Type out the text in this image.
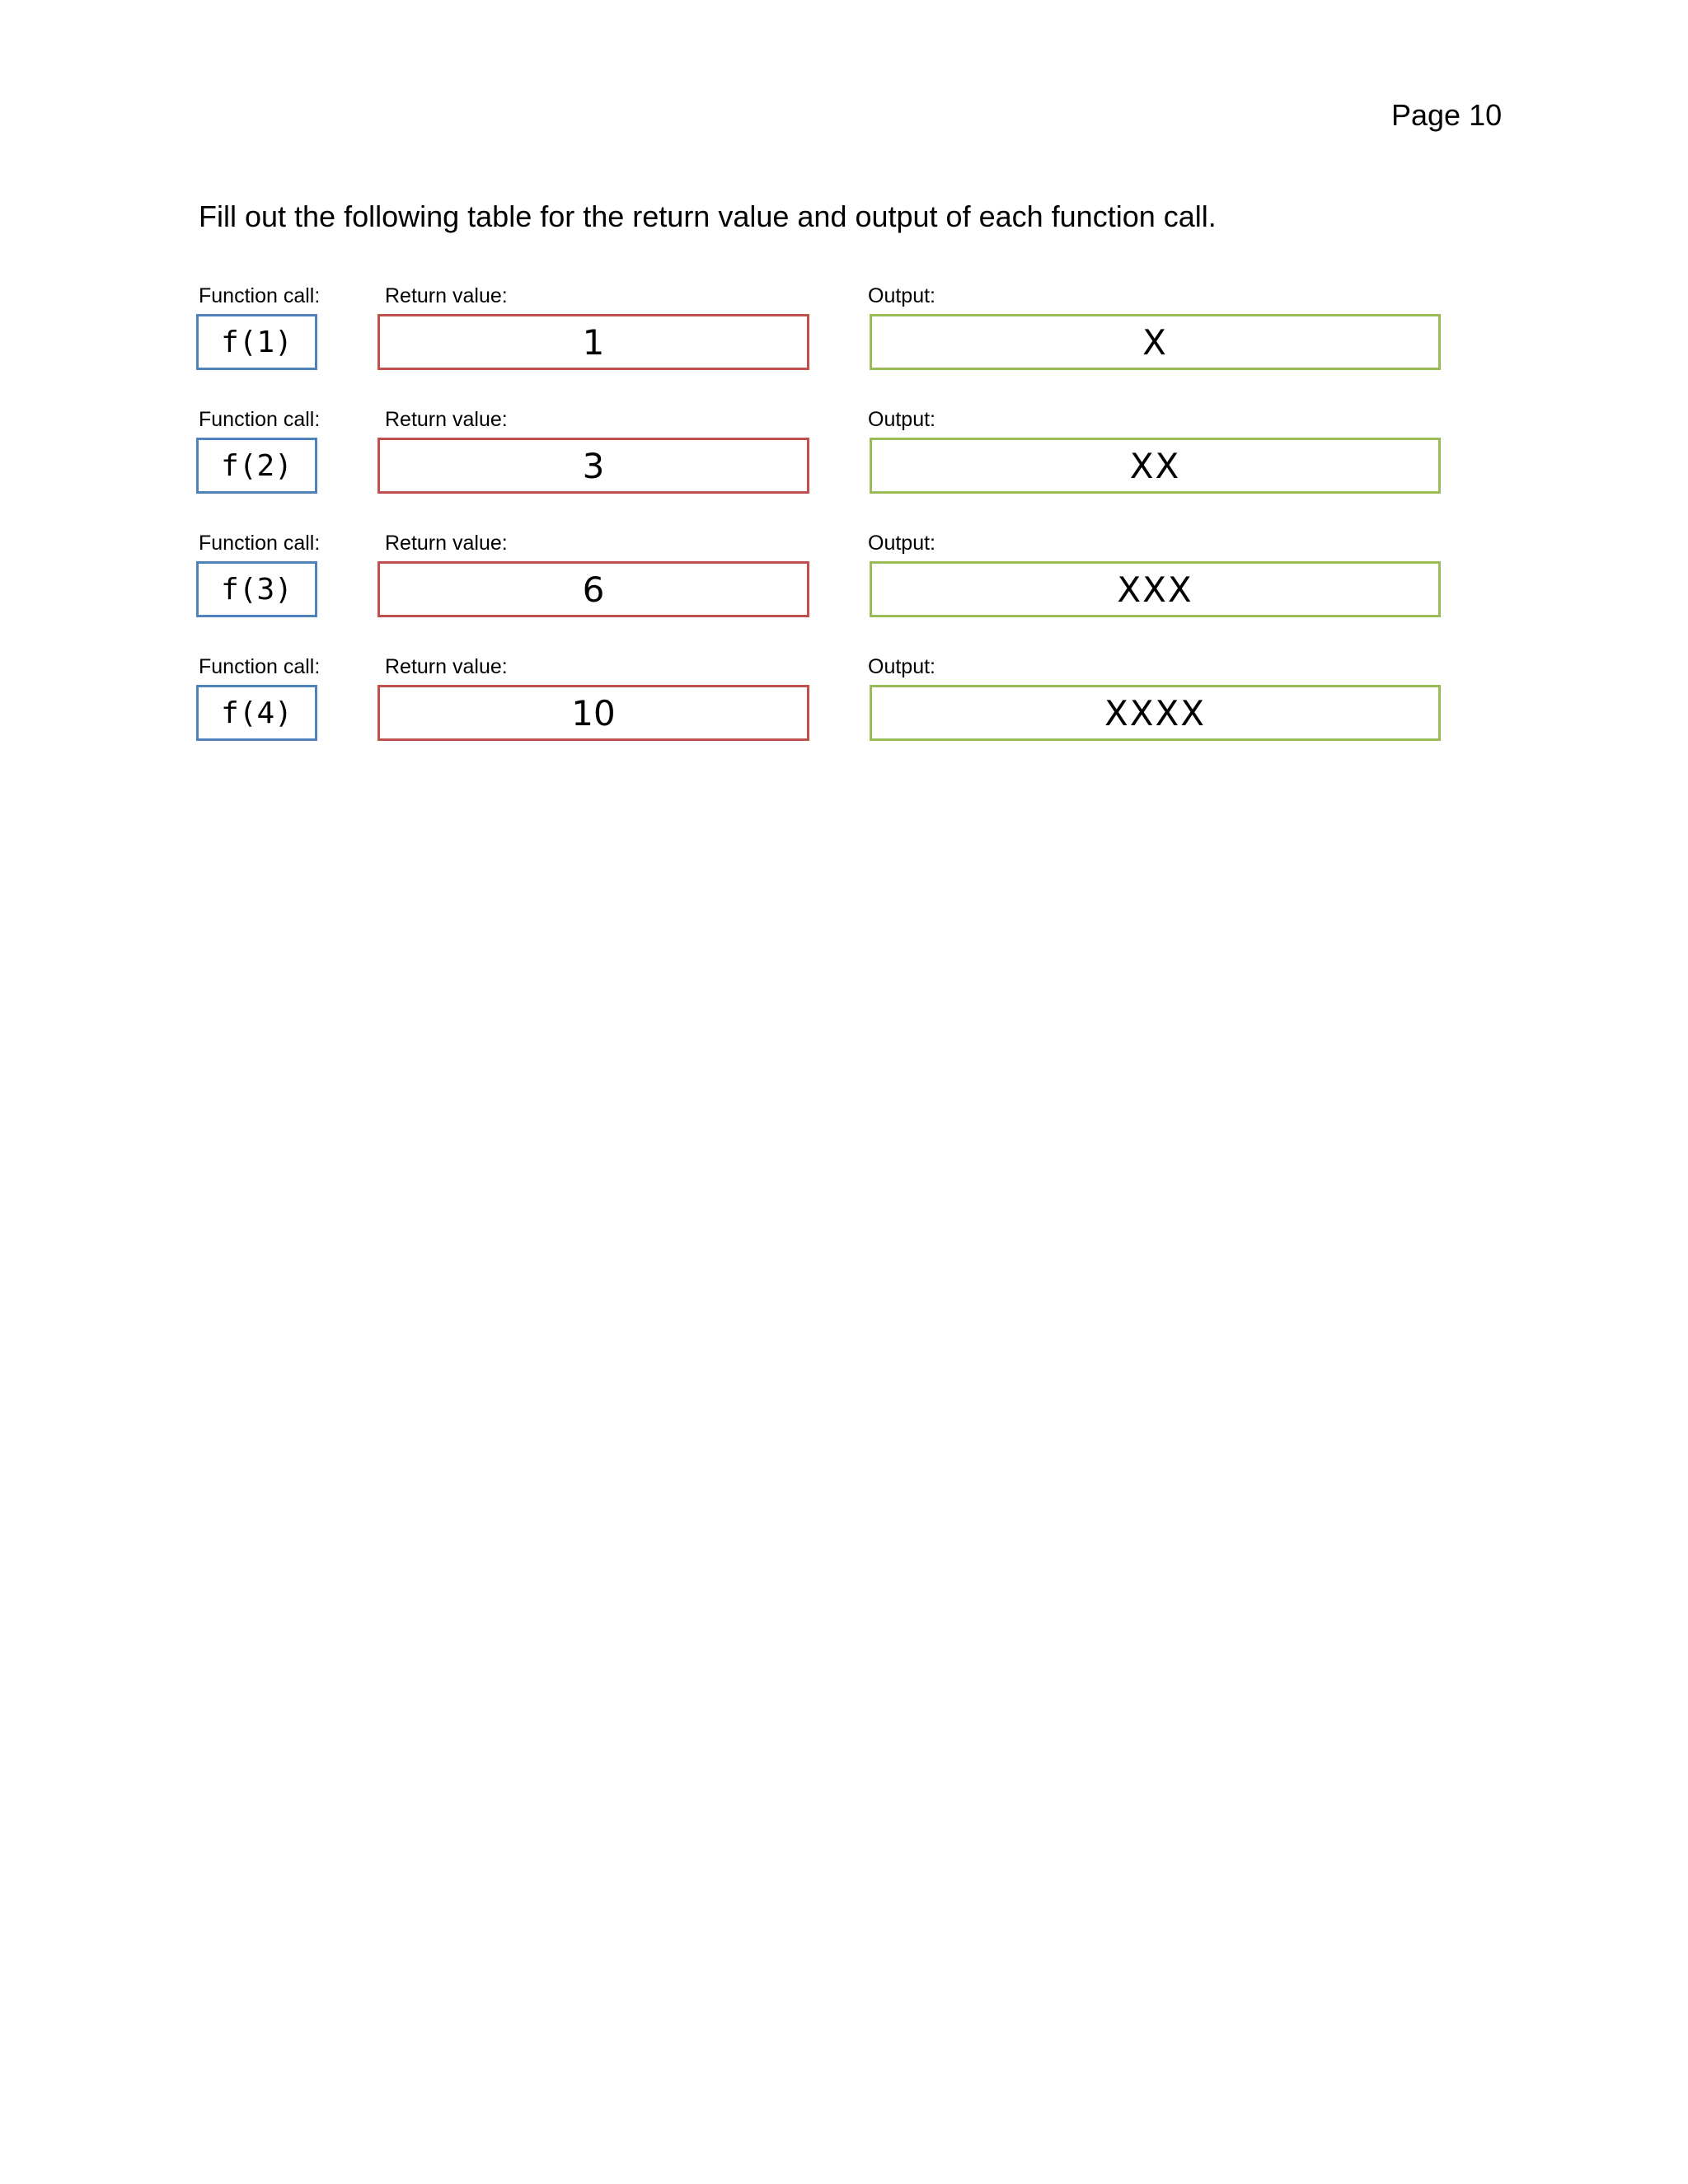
Page 10
Fill out the following table for the return value and output of each function call.
Function call:	Return value:	Output:
f(1)	1	X
Function call:	Return value:	Output:
f(2)	3	XX
Function call:	Return value:	Output:
f(3)	6	XXX
Function call:	Return value:	Output:
f(4)	10	XXXX
